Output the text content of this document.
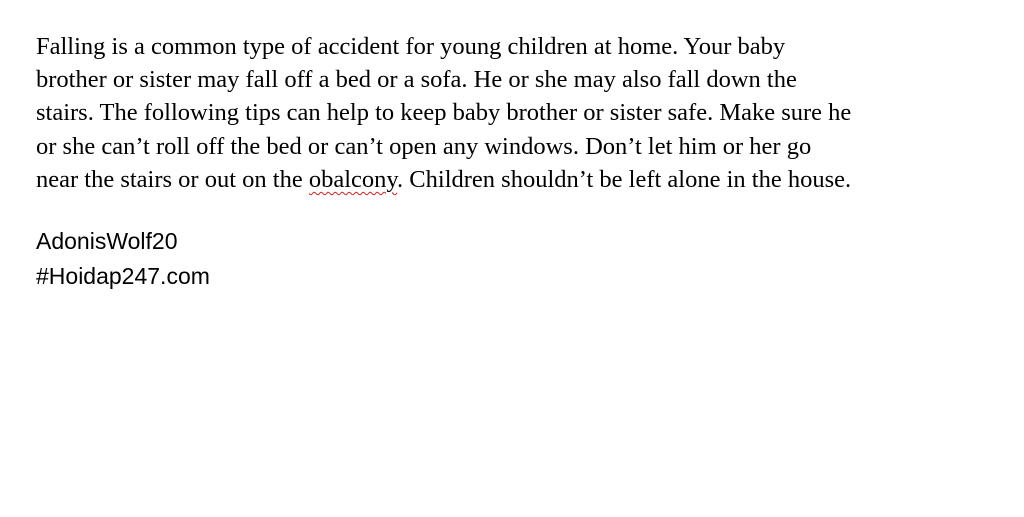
Falling is a common type of accident for young children at home. Your baby
brother or sister may fall off a bed or a sofa. He or she may also fall down the
stairs. The following tips can help to keep baby brother or sister safe. Make sure he
or she can’t roll off the bed or can’t open any windows. Don’t let him or her go
near the stairs or out on the obalcony. Children shouldn’t be left alone in the house.

AdonisWolf20
#Hoidap247.com
